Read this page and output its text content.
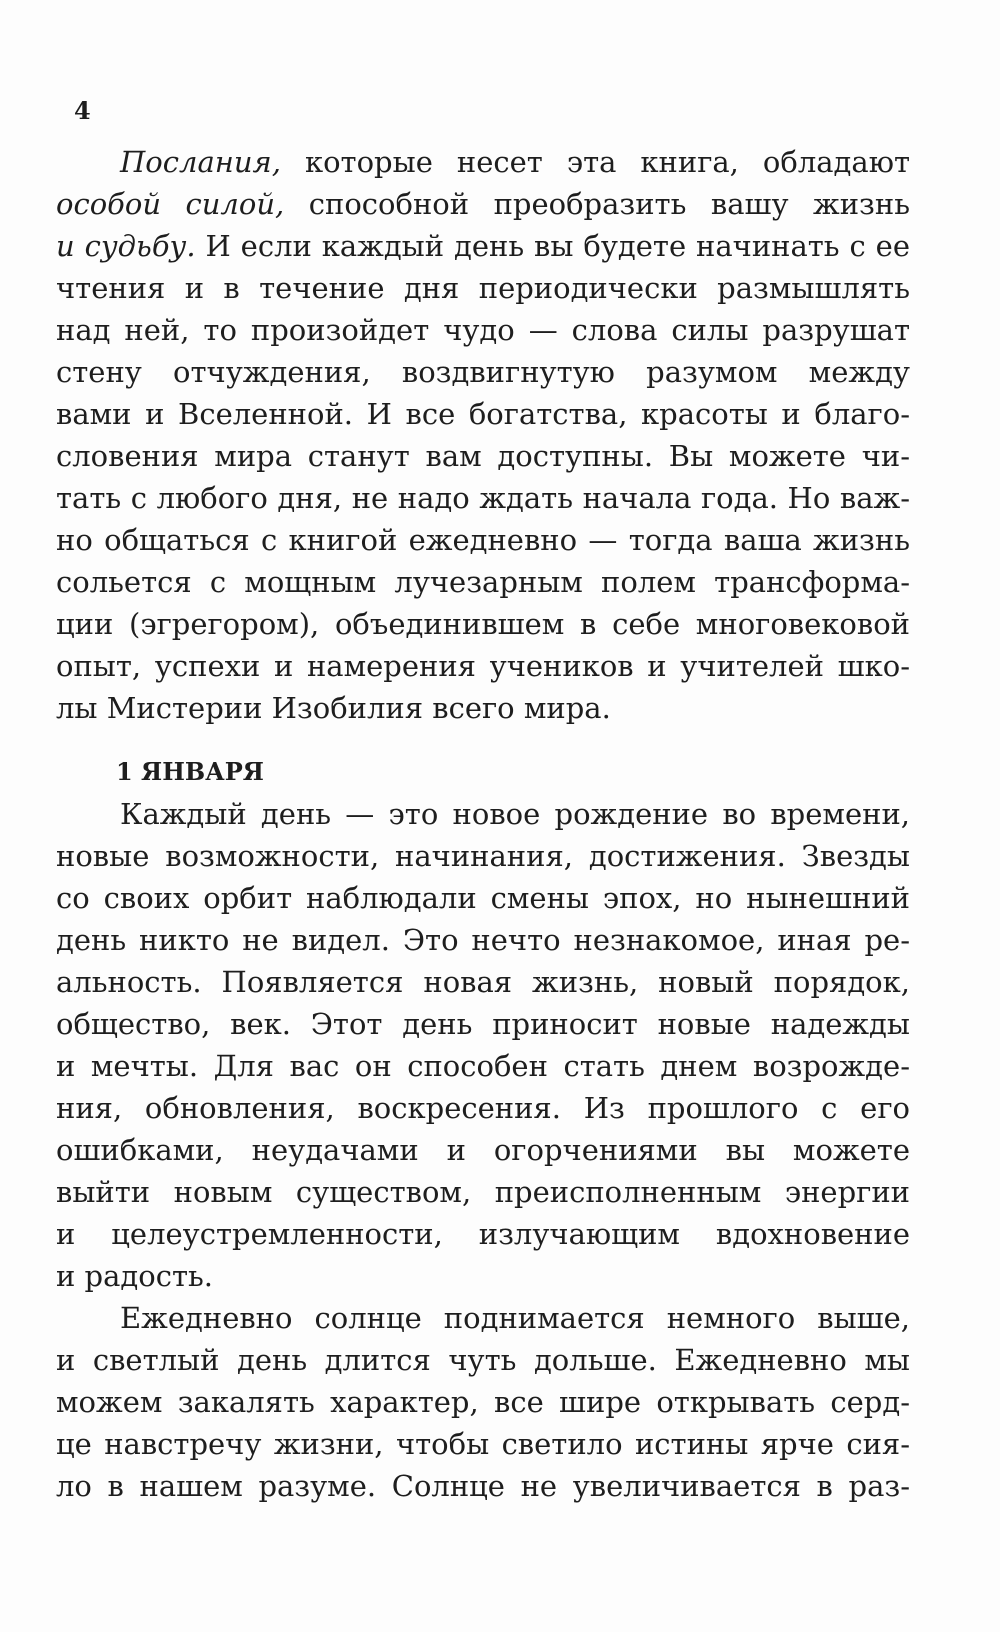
4
1 ЯНВАРЯ
Послания, которые несет эта книга, обладают
особой силой, способной преобразить вашу жизнь
и судьбу. И если каждый день вы будете начинать с ее
чтения и в течение дня периодически размышлять
над ней, то произойдет чудо — слова силы разрушат
стену отчуждения, воздвигнутую разумом между
вами и Вселенной. И все богатства, красоты и благо-
словения мира станут вам доступны. Вы можете чи-
тать с любого дня, не надо ждать начала года. Но важ-
но общаться с книгой ежедневно — тогда ваша жизнь
сольется с мощным лучезарным полем трансформа-
ции (эгрегором), объединившем в себе многовековой
опыт, успехи и намерения учеников и учителей шко-
лы Мистерии Изобилия всего мира.
Каждый день — это новое рождение во времени,
новые возможности, начинания, достижения. Звезды
со своих орбит наблюдали смены эпох, но нынешний
день никто не видел. Это нечто незнакомое, иная ре-
альность. Появляется новая жизнь, новый порядок,
общество, век. Этот день приносит новые надежды
и мечты. Для вас он способен стать днем возрожде-
ния, обновления, воскресения. Из прошлого с его
ошибками, неудачами и огорчениями вы можете
выйти новым существом, преисполненным энергии
и целеустремленности, излучающим вдохновение
и радость.
Ежедневно солнце поднимается немного выше,
и светлый день длится чуть дольше. Ежедневно мы
можем закалять характер, все шире открывать серд-
це навстречу жизни, чтобы светило истины ярче сия-
ло в нашем разуме. Солнце не увеличивается в раз-
